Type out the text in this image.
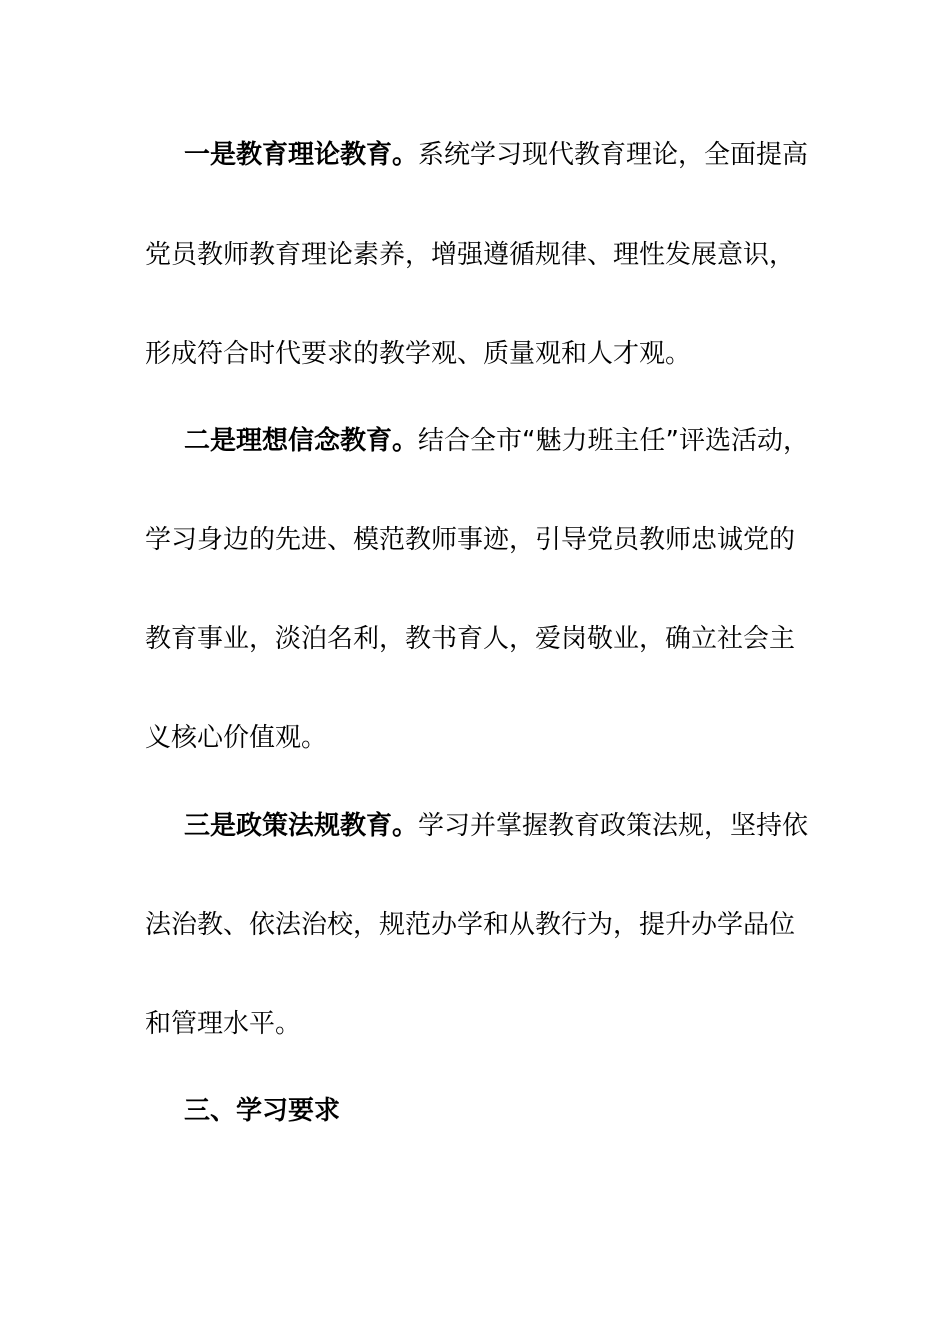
一是教育理论教育。系统学习现代教育理论，全面提高
党员教师教育理论素养，增强遵循规律、理性发展意识，
形成符合时代要求的教学观、质量观和人才观。
二是理想信念教育。结合全市“魅力班主任”评选活动，
学习身边的先进、模范教师事迹，引导党员教师忠诚党的
教育事业，淡泊名利，教书育人，爱岗敬业，确立社会主
义核心价值观。
三是政策法规教育。学习并掌握教育政策法规，坚持依
法治教、依法治校，规范办学和从教行为，提升办学品位
和管理水平。
三、学习要求
